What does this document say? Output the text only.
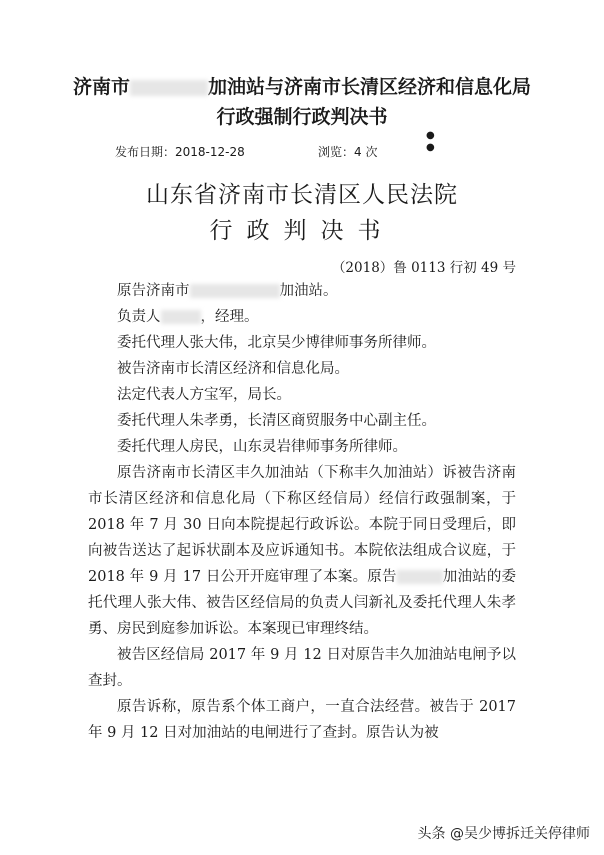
济南市	加油站与济南市长清区经济和信息化局行政强制行政判决书
发布日期：2018-12-28	浏览：4 次
●
●
山东省济南市长清区人民法院
行政判决书
（2018）鲁 0113 行初 49 号

原告济南市	加油站。

负责人	，经理。

委托代理人张大伟，北京吴少博律师事务所律师。

被告济南市长清区经济和信息化局。

法定代表人方宝军，局长。

委托代理人朱孝勇，长清区商贸服务中心副主任。

委托代理人房民，山东灵岩律师事务所律师。

原告济南市长清区丰久加油站（下称丰久加油站）诉被告济南市长清区经济和信息化局（下称区经信局）经信行政强制案，于 2018 年 7 月 30 日向本院提起行政诉讼。本院于同日受理后，即向被告送达了起诉状副本及应诉通知书。本院依法组成合议庭，于 2018 年 9 月 17 日公开开庭审理了本案。原告	加油站的委托代理人张大伟、被告区经信局的负责人闫新礼及委托代理人朱孝勇、房民到庭参加诉讼。本案现已审理终结。

被告区经信局 2017 年 9 月 12 日对原告丰久加油站电闸予以查封。

原告诉称，原告系个体工商户，一直合法经营。被告于 2017 年 9 月 12 日对加油站的电闸进行了查封。原告认为被

头条 @吴少博拆迁关停律师
